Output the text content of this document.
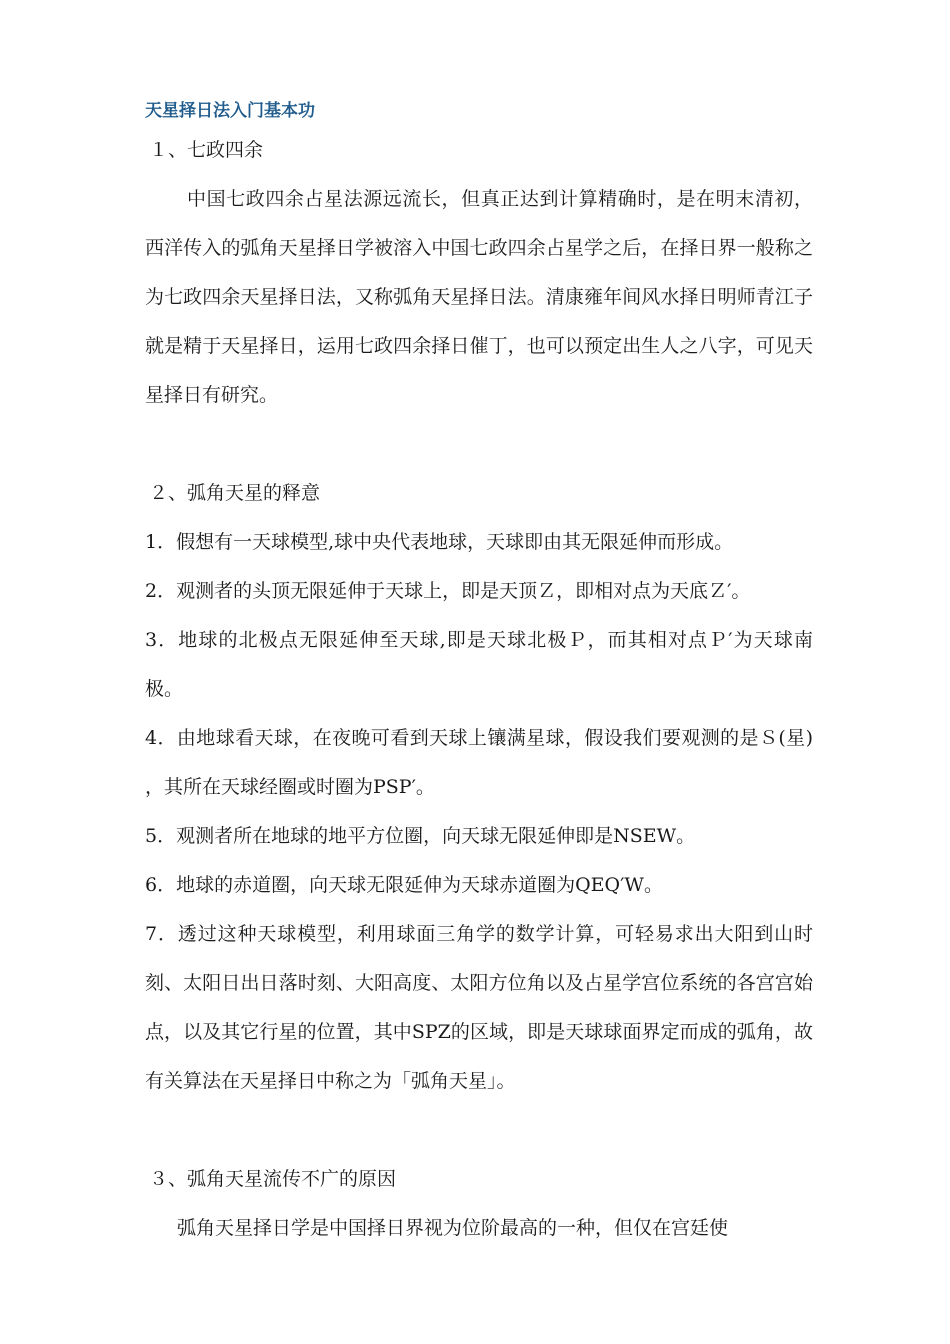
天星择日法入门基本功

１、七政四余

中国七政四余占星法源远流长，但真正达到计算精确时，是在明末清初，西洋传入的弧角天星择日学被溶入中国七政四余占星学之后，在择日界一般称之为七政四余天星择日法，又称弧角天星择日法。清康雍年间风水择日明师青江子就是精于天星择日，运用七政四余择日催丁，也可以预定出生人之八字，可见天星择日有研究。

２、弧角天星的释意

1．假想有一天球模型,球中央代表地球，天球即由其无限延伸而形成。

2．观测者的头顶无限延伸于天球上，即是天顶Ｚ，即相对点为天底Ｚ′。

3．地球的北极点无限延伸至天球,即是天球北极Ｐ，而其相对点Ｐ′为天球南极。

4．由地球看天球，在夜晚可看到天球上镶满星球，假设我们要观测的是Ｓ(星) ，其所在天球经圈或时圈为PSP′。

5．观测者所在地球的地平方位圈，向天球无限延伸即是NSEW。

6．地球的赤道圈，向天球无限延伸为天球赤道圈为QEQ′W。

7．透过这种天球模型，利用球面三角学的数学计算，可轻易求出大阳到山时刻、太阳日出日落时刻、大阳高度、太阳方位角以及占星学宫位系统的各宫宫始点，以及其它行星的位置，其中SPZ的区域，即是天球球面界定而成的弧角，故有关算法在天星择日中称之为「弧角天星」。

３、弧角天星流传不广的原因

弧角天星择日学是中国择日界视为位阶最高的一种，但仅在宫廷使
